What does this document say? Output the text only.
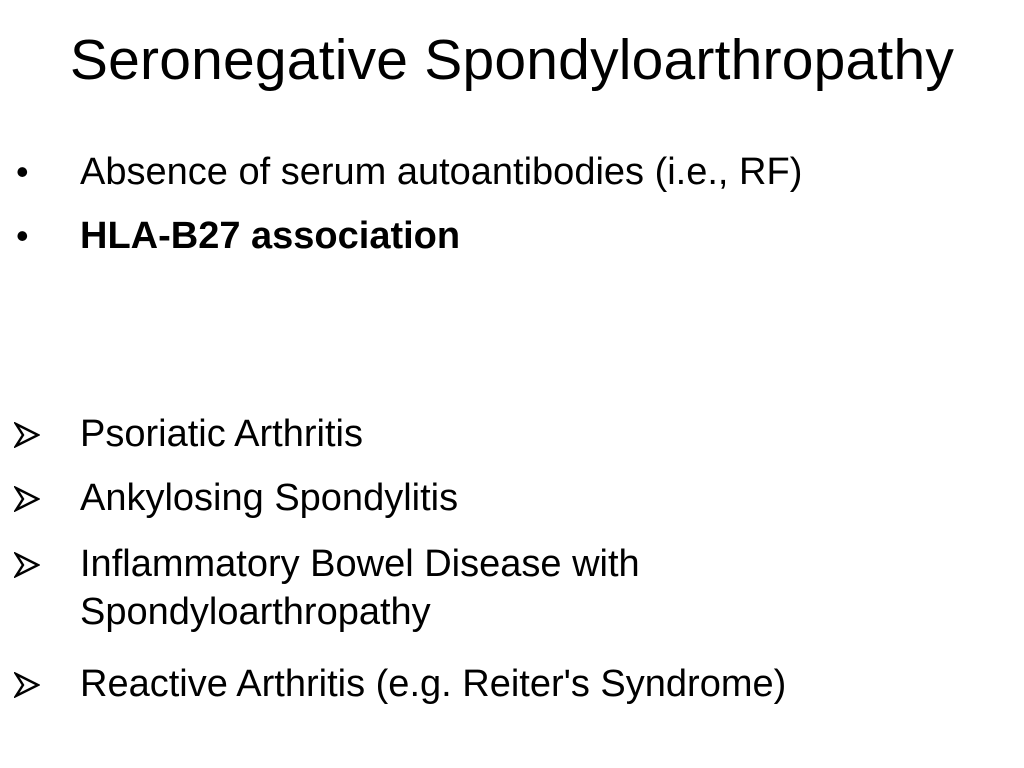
Seronegative Spondyloarthropathy
•	Absence of serum autoantibodies (i.e., RF)
•	HLA-B27 association
Psoriatic Arthritis
Ankylosing Spondylitis
Inflammatory Bowel Disease with
Spondyloarthropathy
Reactive Arthritis (e.g. Reiter's Syndrome)
